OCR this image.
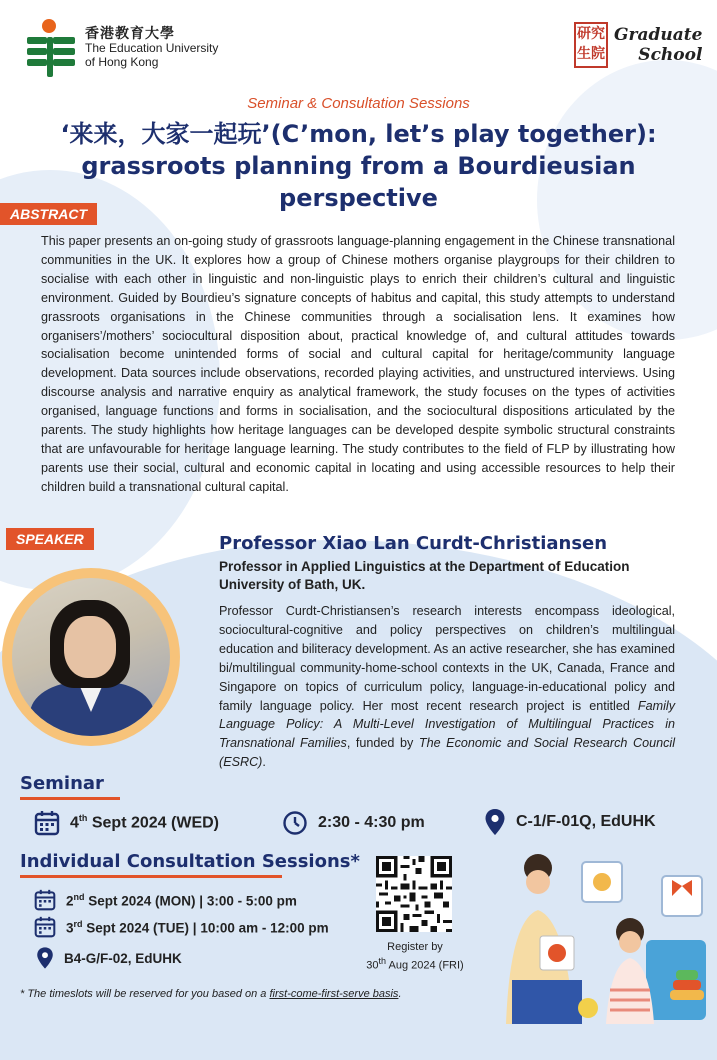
香港教育大學
The Education University
of Hong Kong
研究
生院
Graduate
School
Seminar & Consultation Sessions
‘来来，大家一起玩’(C’mon, let’s play together):
grassroots planning from a Bourdieusian perspective
ABSTRACT
This paper presents an on-going study of grassroots language-planning engagement in the Chinese transnational communities in the UK. It explores how a group of Chinese mothers organise playgroups for their children to socialise with each other in linguistic and non-linguistic plays to enrich their children’s cultural and linguistic environment. Guided by Bourdieu’s signature concepts of habitus and capital, this study attempts to understand grassroots organisations in the Chinese communities through a socialisation lens. It examines how organisers’/mothers’ sociocultural disposition about, practical knowledge of, and cultural attitudes towards socialisation become unintended forms of social and cultural capital for heritage/community language development. Data sources include observations, recorded playing activities, and unstructured interviews. Using discourse analysis and narrative enquiry as analytical framework, the study focuses on the types of activities organised, language functions and forms in socialisation, and the sociocultural dispositions articulated by the parents. The study highlights how heritage languages can be developed despite symbolic structural constraints that are unfavourable for heritage language learning. The study contributes to the field of FLP by illustrating how parents use their social, cultural and economic capital in locating and using accessible resources to help their children build a transnational cultural capital.
SPEAKER	Professor Xiao Lan Curdt-Christiansen
Professor in Applied Linguistics at the Department of Education University of Bath, UK.
Professor Curdt-Christiansen’s research interests encompass ideological, sociocultural-cognitive and policy perspectives on children’s multilingual education and biliteracy development. As an active researcher, she has examined bi/multilingual community-home-school contexts in the UK, Canada, France and Singapore on topics of curriculum policy, language-in-educational policy and family language policy. Her most recent research project is entitled Family Language Policy: A Multi-Level Investigation of Multilingual Practices in Transnational Families, funded by The Economic and Social Research Council (ESRC).
Seminar
4th Sept 2024 (WED)	2:30 - 4:30 pm	C-1/F-01Q, EdUHK
Individual Consultation Sessions*
2nd Sept 2024 (MON) | 3:00 - 5:00 pm
3rd Sept 2024 (TUE) | 10:00 am - 12:00 pm
B4-G/F-02, EdUHK
Register by
30th Aug 2024 (FRI)
* The timeslots will be reserved for you based on a first-come-first-serve basis.
